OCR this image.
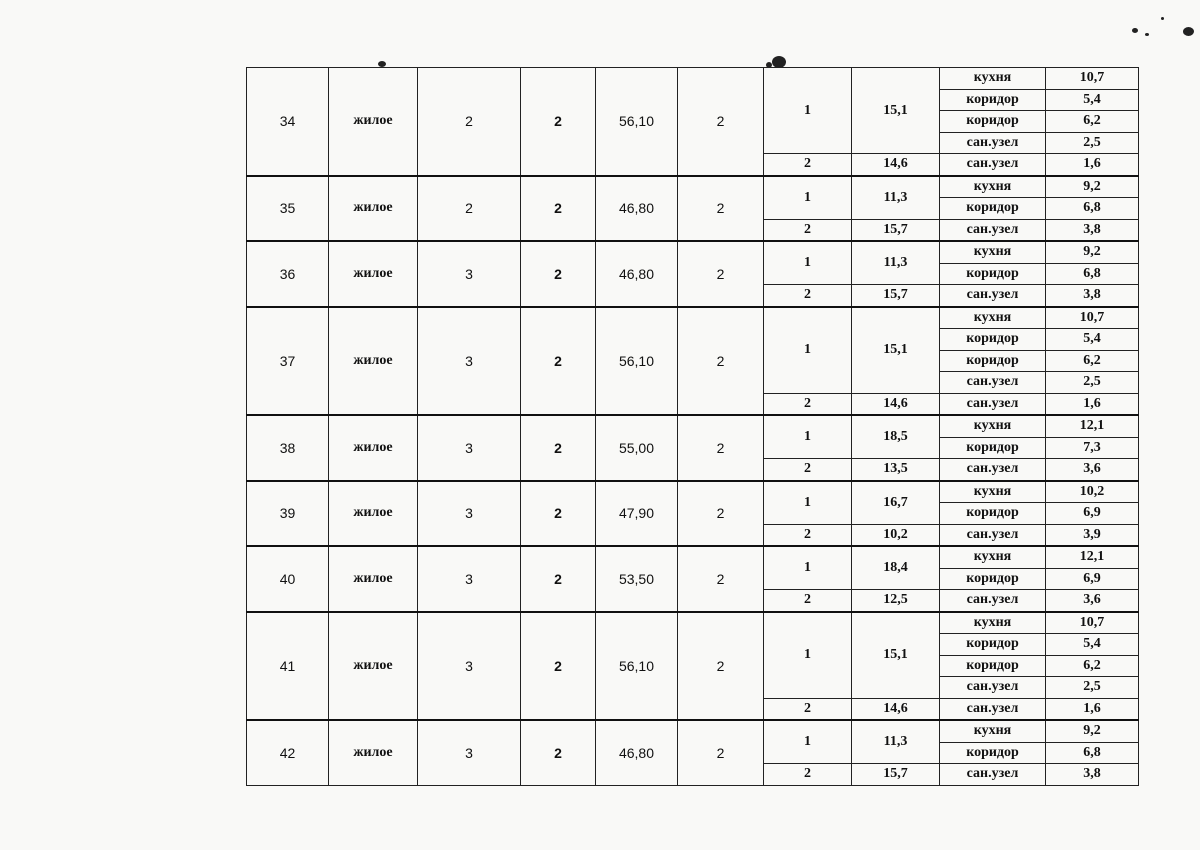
34	жилое	2	2	56,10	2	1	15,1	кухня	10,7
								коридор	5,4
								коридор	6,2
								сан.узел	2,5
						2	14,6	сан.узел	1,6
35	жилое	2	2	46,80	2	1	11,3	кухня	9,2
								коридор	6,8
						2	15,7	сан.узел	3,8
36	жилое	3	2	46,80	2	1	11,3	кухня	9,2
								коридор	6,8
						2	15,7	сан.узел	3,8
37	жилое	3	2	56,10	2	1	15,1	кухня	10,7
								коридор	5,4
								коридор	6,2
								сан.узел	2,5
						2	14,6	сан.узел	1,6
38	жилое	3	2	55,00	2	1	18,5	кухня	12,1
								коридор	7,3
						2	13,5	сан.узел	3,6
39	жилое	3	2	47,90	2	1	16,7	кухня	10,2
								коридор	6,9
						2	10,2	сан.узел	3,9
40	жилое	3	2	53,50	2	1	18,4	кухня	12,1
								коридор	6,9
						2	12,5	сан.узел	3,6
41	жилое	3	2	56,10	2	1	15,1	кухня	10,7
								коридор	5,4
								коридор	6,2
								сан.узел	2,5
						2	14,6	сан.узел	1,6
42	жилое	3	2	46,80	2	1	11,3	кухня	9,2
								коридор	6,8
						2	15,7	сан.узел	3,8
